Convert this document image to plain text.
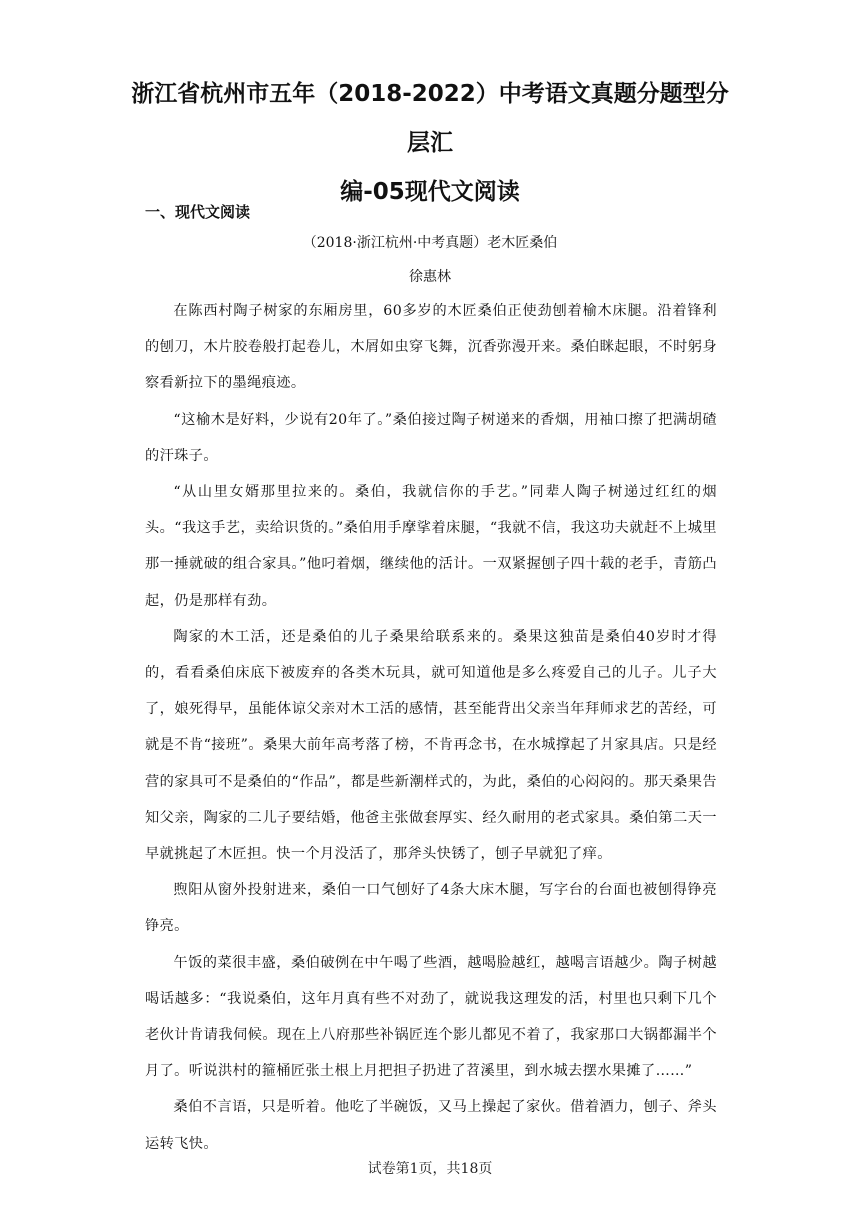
浙江省杭州市五年（2018-2022）中考语文真题分题型分层汇
编-05现代文阅读
一、现代文阅读
（2018·浙江杭州·中考真题）老木匠桑伯
徐惠林

在陈西村陶子树家的东厢房里，60多岁的木匠桑伯正使劲刨着榆木床腿。沿着锋利的刨刀，木片胶卷般打起卷儿，木屑如虫穿飞舞，沉香弥漫开来。桑伯眯起眼，不时躬身察看新拉下的墨绳痕迹。

“这榆木是好料，少说有20年了。”桑伯接过陶子树递来的香烟，用袖口擦了把满胡碴的汗珠子。

“从山里女婿那里拉来的。桑伯，我就信你的手艺。”同辈人陶子树递过红红的烟头。“我这手艺，卖给识货的。”桑伯用手摩挲着床腿，“我就不信，我这功夫就赶不上城里那一捶就破的组合家具。”他叼着烟，继续他的活计。一双紧握刨子四十载的老手，青筋凸起，仍是那样有劲。

陶家的木工活，还是桑伯的儿子桑果给联系来的。桑果这独苗是桑伯40岁时才得的，看看桑伯床底下被废弃的各类木玩具，就可知道他是多么疼爱自己的儿子。儿子大了，娘死得早，虽能体谅父亲对木工活的感情，甚至能背出父亲当年拜师求艺的苦经，可就是不肯“接班”。桑果大前年高考落了榜，不肯再念书，在水城撑起了爿家具店。只是经营的家具可不是桑伯的“作品”，都是些新潮样式的，为此，桑伯的心闷闷的。那天桑果告知父亲，陶家的二儿子要结婚，他爸主张做套厚实、经久耐用的老式家具。桑伯第二天一早就挑起了木匠担。快一个月没活了，那斧头快锈了，刨子早就犯了痒。

煦阳从窗外投射进来，桑伯一口气刨好了4条大床木腿，写字台的台面也被刨得铮亮铮亮。

午饭的菜很丰盛，桑伯破例在中午喝了些酒，越喝脸越红，越喝言语越少。陶子树越喝话越多：“我说桑伯，这年月真有些不对劲了，就说我这理发的活，村里也只剩下几个老伙计肯请我伺候。现在上八府那些补锅匠连个影儿都见不着了，我家那口大锅都漏半个月了。听说洪村的箍桶匠张土根上月把担子扔进了苕溪里，到水城去摆水果摊了……”

桑伯不言语，只是听着。他吃了半碗饭，又马上操起了家伙。借着酒力，刨子、斧头运转飞快。

试卷第1页，共18页
